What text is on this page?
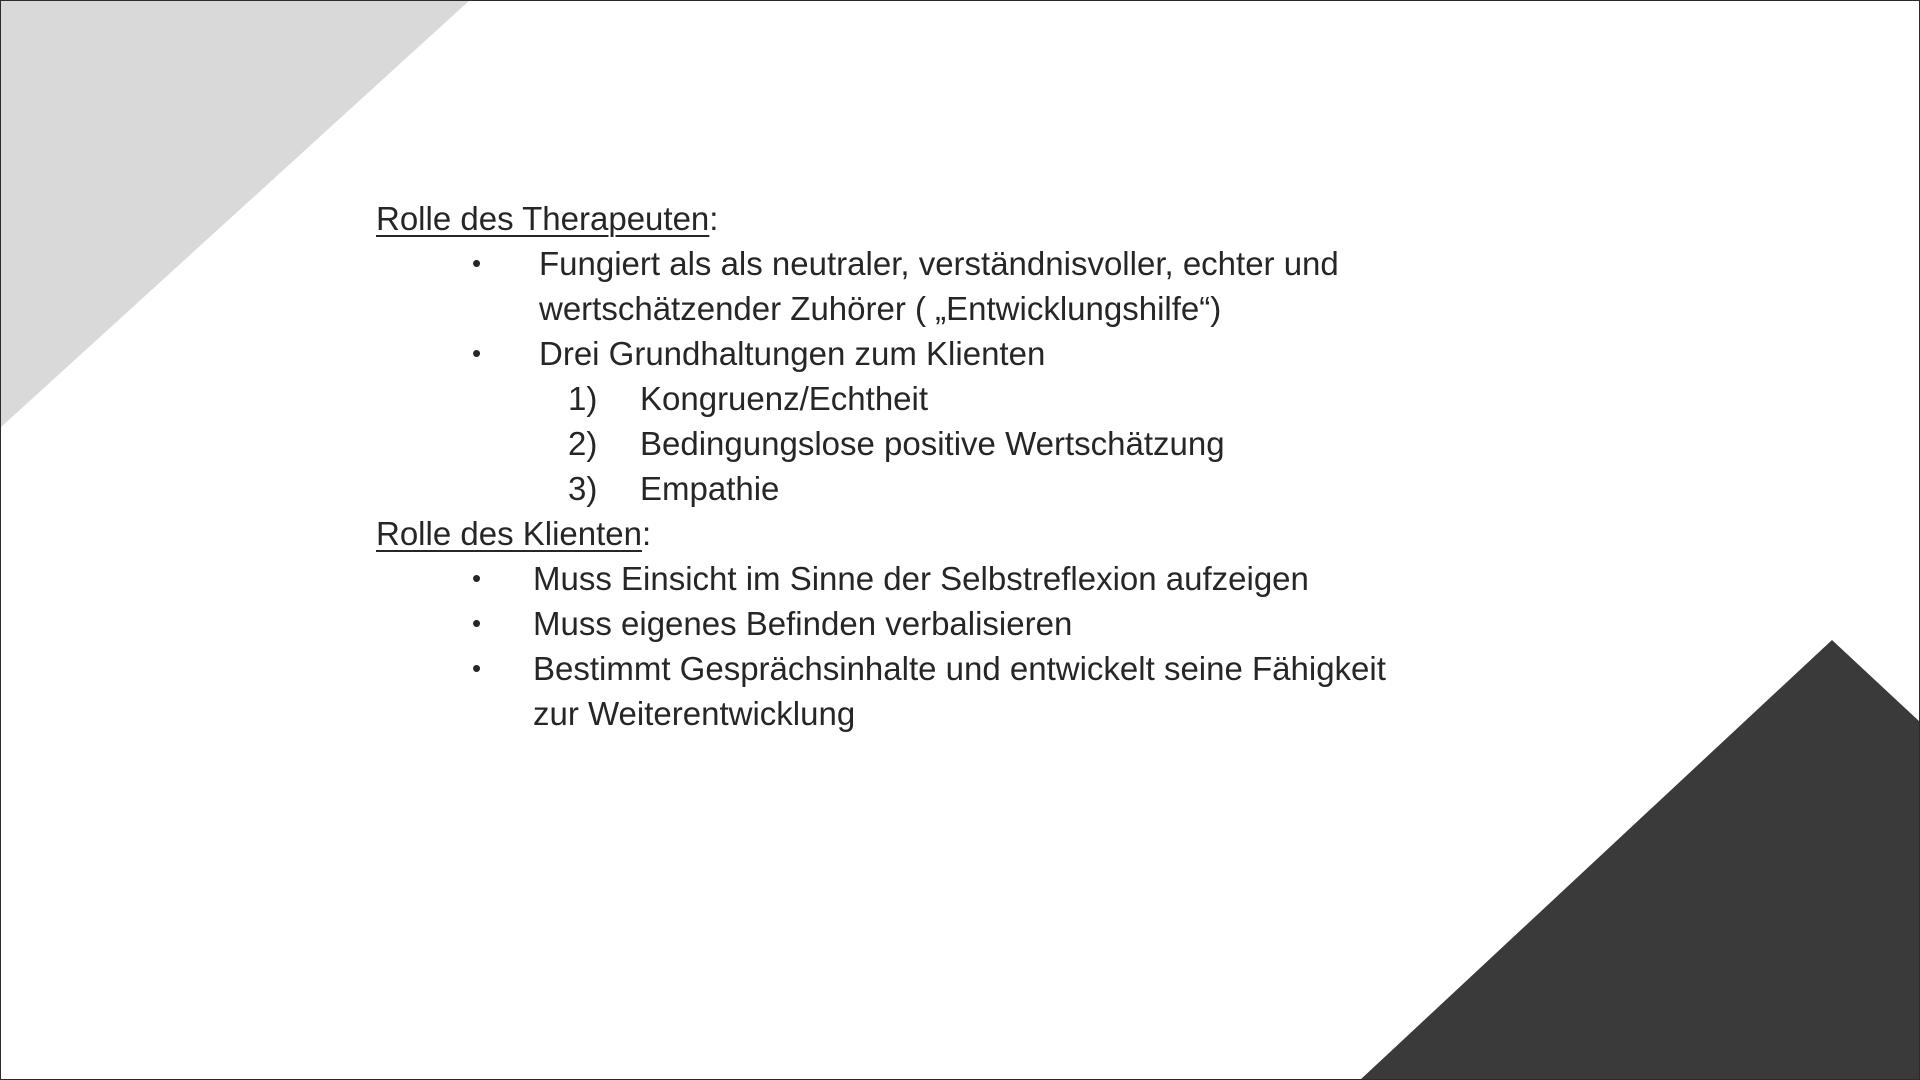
Rolle des Therapeuten:
• Fungiert als als neutraler, verständnisvoller, echter und wertschätzender Zuhörer ( „Entwicklungshilfe“)
• Drei Grundhaltungen zum Klienten
1) Kongruenz/Echtheit
2) Bedingungslose positive Wertschätzung
3) Empathie
Rolle des Klienten:
• Muss Einsicht im Sinne der Selbstreflexion aufzeigen
• Muss eigenes Befinden verbalisieren
• Bestimmt Gesprächsinhalte und entwickelt seine Fähigkeit zur Weiterentwicklung
